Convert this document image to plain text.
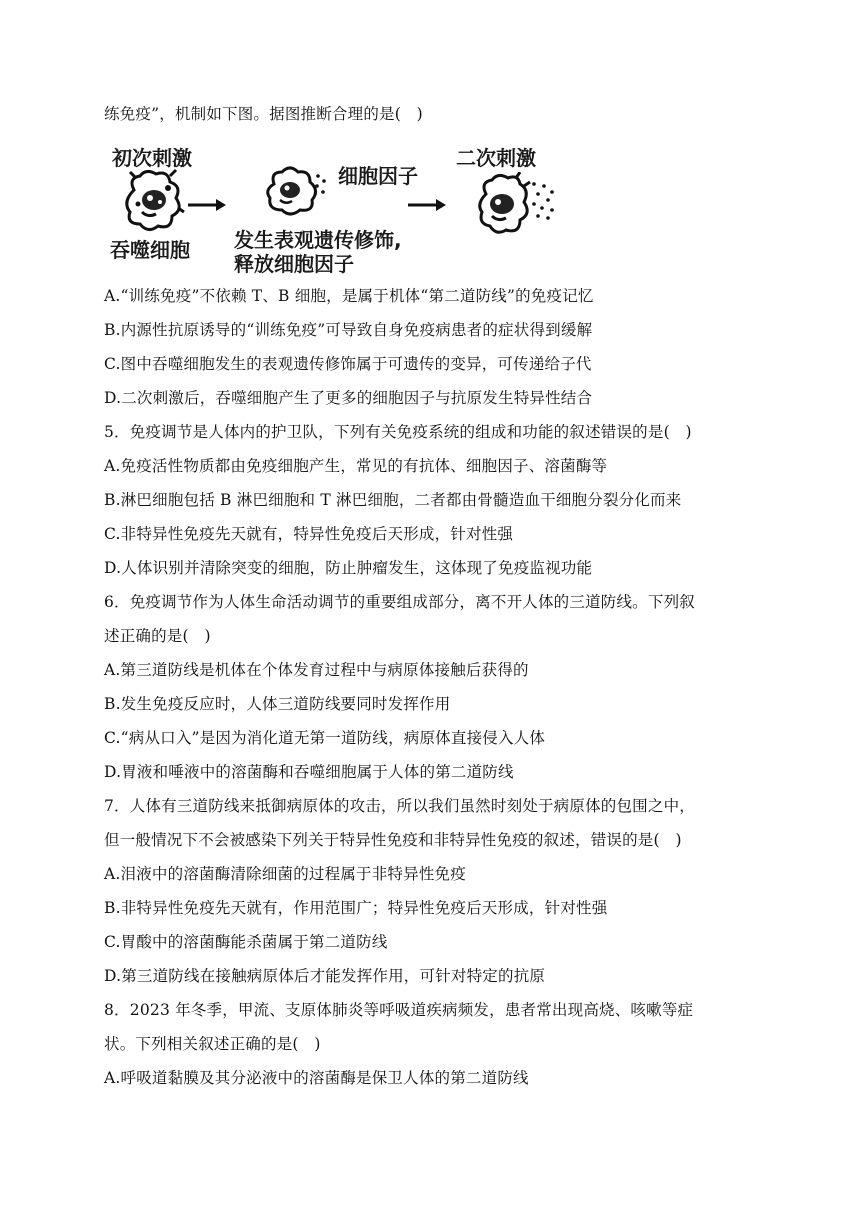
练免疫”，机制如下图。据图推断合理的是(　)
初次刺激
吞噬细胞
细胞因子
发生表观遗传修饰,
释放细胞因子
二次刺激
A.“训练免疫”不依赖 T、B 细胞，是属于机体“第二道防线”的免疫记忆
B.内源性抗原诱导的“训练免疫”可导致自身免疫病患者的症状得到缓解
C.图中吞噬细胞发生的表观遗传修饰属于可遗传的变异，可传递给子代
D.二次刺激后，吞噬细胞产生了更多的细胞因子与抗原发生特异性结合
5．免疫调节是人体内的护卫队，下列有关免疫系统的组成和功能的叙述错误的是(　)
A.免疫活性物质都由免疫细胞产生，常见的有抗体、细胞因子、溶菌酶等
B.淋巴细胞包括 B 淋巴细胞和 T 淋巴细胞，二者都由骨髓造血干细胞分裂分化而来
C.非特异性免疫先天就有，特异性免疫后天形成，针对性强
D.人体识别并清除突变的细胞，防止肿瘤发生，这体现了免疫监视功能
6．免疫调节作为人体生命活动调节的重要组成部分，离不开人体的三道防线。下列叙
述正确的是(　)
A.第三道防线是机体在个体发育过程中与病原体接触后获得的
B.发生免疫反应时，人体三道防线要同时发挥作用
C.“病从口入”是因为消化道无第一道防线，病原体直接侵入人体
D.胃液和唾液中的溶菌酶和吞噬细胞属于人体的第二道防线
7．人体有三道防线来抵御病原体的攻击，所以我们虽然时刻处于病原体的包围之中，
但一般情况下不会被感染下列关于特异性免疫和非特异性免疫的叙述，错误的是(　)
A.泪液中的溶菌酶清除细菌的过程属于非特异性免疫
B.非特异性免疫先天就有，作用范围广；特异性免疫后天形成，针对性强
C.胃酸中的溶菌酶能杀菌属于第二道防线
D.第三道防线在接触病原体后才能发挥作用，可针对特定的抗原
8．2023 年冬季，甲流、支原体肺炎等呼吸道疾病频发，患者常出现高烧、咳嗽等症
状。下列相关叙述正确的是(　)
A.呼吸道黏膜及其分泌液中的溶菌酶是保卫人体的第二道防线
